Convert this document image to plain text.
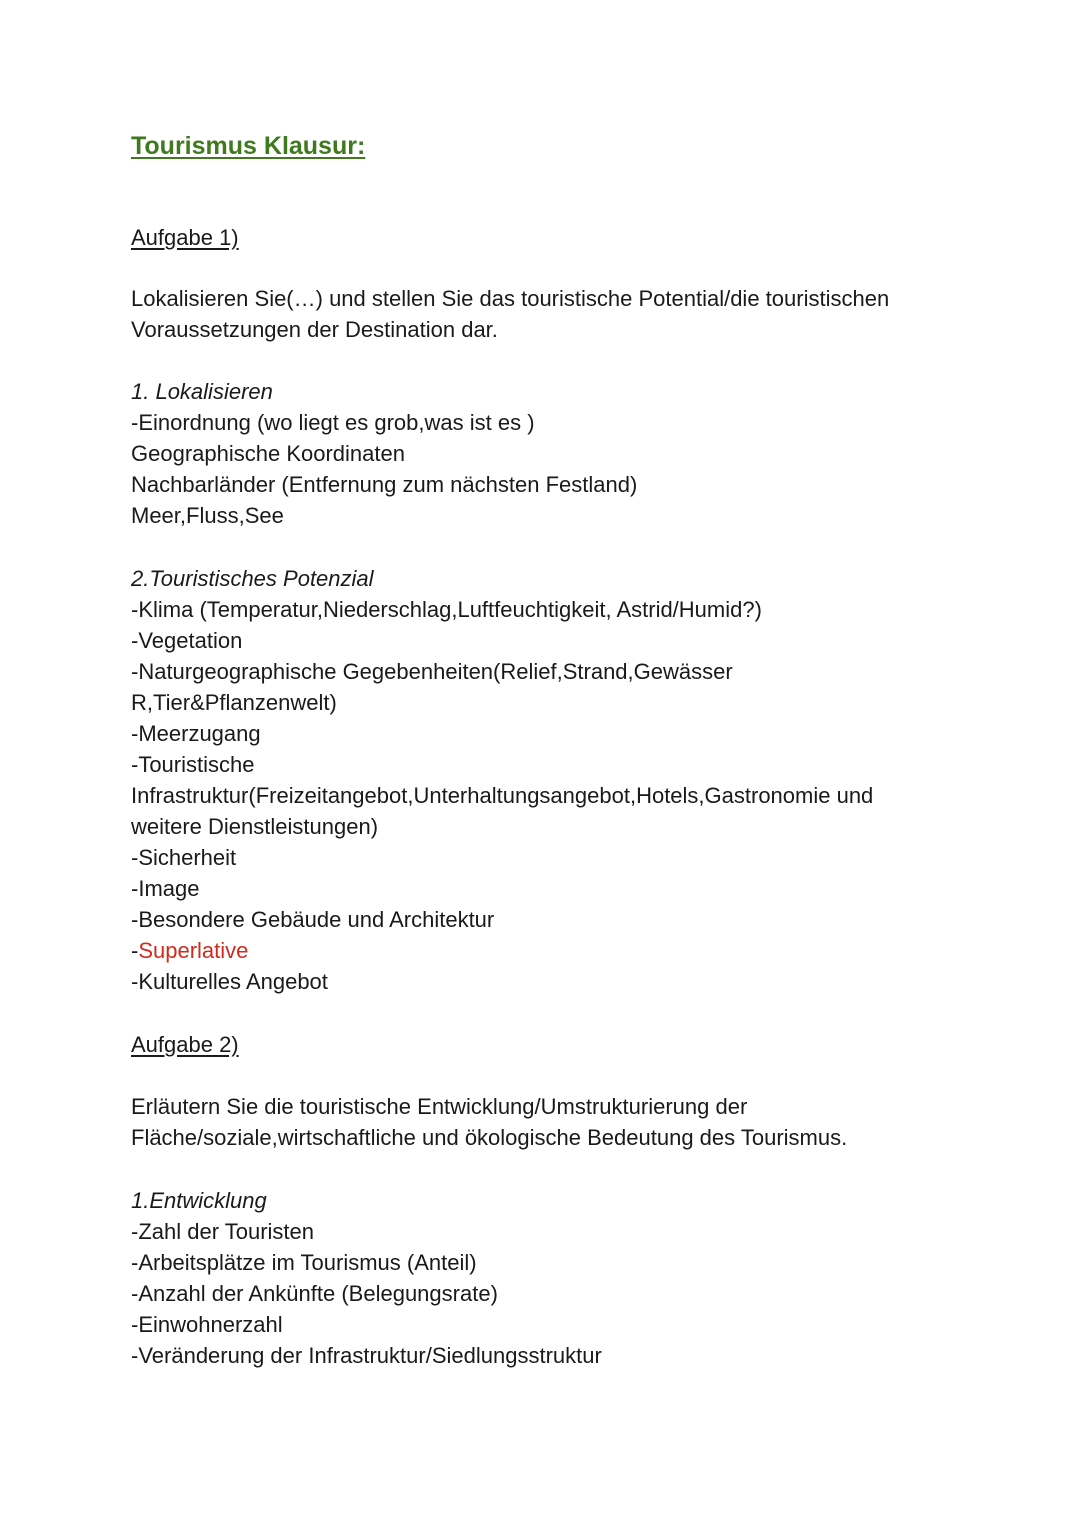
Tourismus Klausur:
Aufgabe 1)
Lokalisieren Sie(…) und stellen Sie das touristische Potential/die touristischen
Voraussetzungen der Destination dar.
1. Lokalisieren
-Einordnung (wo liegt es grob,was ist es )
Geographische Koordinaten
Nachbarländer (Entfernung zum nächsten Festland)
Meer,Fluss,See
2.Touristisches Potenzial
-Klima (Temperatur,Niederschlag,Luftfeuchtigkeit, Astrid/Humid?)
-Vegetation
-Naturgeographische Gegebenheiten(Relief,Strand,Gewässer
R,Tier&Pflanzenwelt)
-Meerzugang
-Touristische
Infrastruktur(Freizeitangebot,Unterhaltungsangebot,Hotels,Gastronomie und
weitere Dienstleistungen)
-Sicherheit
-Image
-Besondere Gebäude und Architektur
-Superlative
-Kulturelles Angebot
Aufgabe 2)
Erläutern Sie die touristische Entwicklung/Umstrukturierung der
Fläche/soziale,wirtschaftliche und ökologische Bedeutung des Tourismus.
1.Entwicklung
-Zahl der Touristen
-Arbeitsplätze im Tourismus (Anteil)
-Anzahl der Ankünfte (Belegungsrate)
-Einwohnerzahl
-Veränderung der Infrastruktur/Siedlungsstruktur
